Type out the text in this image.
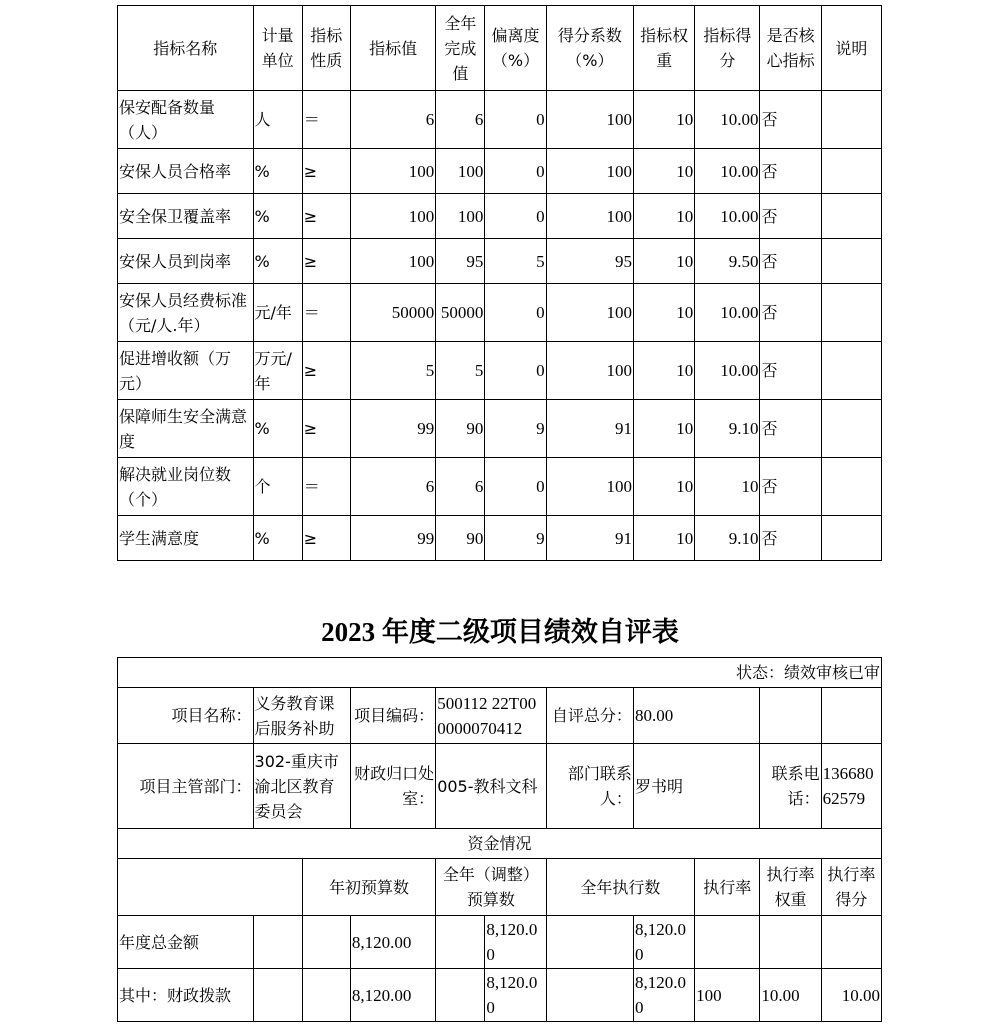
指标名称	计量单位	指标性质	指标值	全年完成值	偏离度（%）	得分系数（%）	指标权重	指标得分	是否核心指标	说明
保安配备数量（人）	人	＝	6	6	0	100	10	10.00	否	
安保人员合格率	%	≥	100	100	0	100	10	10.00	否	
安全保卫覆盖率	%	≥	100	100	0	100	10	10.00	否	
安保人员到岗率	%	≥	100	95	5	95	10	9.50	否	
安保人员经费标准（元/人.年）	元/年	＝	50000	50000	0	100	10	10.00	否	
促进增收额（万元）	万元/年	≥	5	5	0	100	10	10.00	否	
保障师生安全满意度	%	≥	99	90	9	91	10	9.10	否	
解决就业岗位数（个）	个	＝	6	6	0	100	10	10	否	
学生满意度	%	≥	99	90	9	91	10	9.10	否	
2023 年度二级项目绩效自评表
状态：绩效审核已审										
项目名称：	义务教育课后服务补助		项目编码：	500112 22T000000070412		自评总分：	80.00			
项目主管部门：	302-重庆市渝北区教育委员会		财政归口处室：	005-教科文科		部门联系人：	罗书明		联系电话：	13668062579
资金情况										
		年初预算数		全年（调整）预算数		全年执行数		执行率	执行率权重	执行率得分
年度总金额			8,120.00		8,120.00		8,120.00			
其中：财政拨款			8,120.00		8,120.00		8,120.00	100	10.00	10.00
